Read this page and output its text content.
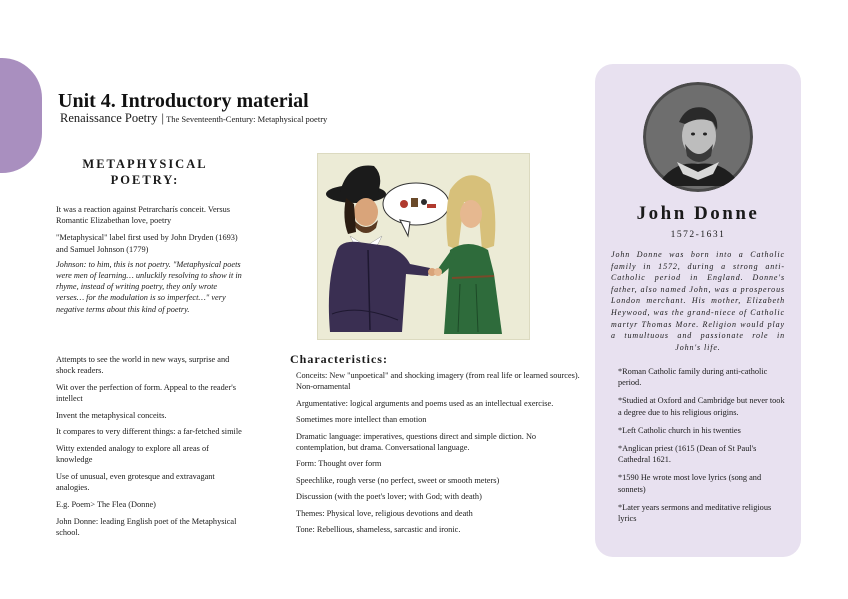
Unit 4. Introductory material
Renaissance Poetry | The Seventeenth-Century: Metaphysical poetry
METAPHYSICAL
POETRY:

It was a reaction against Petrarcharís conceit. Versus Romantic Elizabethan love, poetry

"Metaphysical" label first used by John Dryden (1693) and Samuel Johnson (1779)

Johnson: to him, this is not poetry. "Metaphysical poets were men of learning… unluckily resolving to show it in rhyme, instead of writing poetry, they only wrote verses… for the modulation is so imperfect…" very negative terms about this kind of poetry.

Attempts to see the world in new ways, surprise and shock readers.

Wit over the perfection of form. Appeal to the reader's intellect

Invent the metaphysical conceits.

It compares to very different things: a far-fetched simile

Witty extended analogy to explore all areas of knowledge

Use of unusual, even grotesque and extravagant analogies.

E.g. Poem> The Flea (Donne)

John Donne: leading English poet of the Metaphysical school.

Characteristics:

Conceits: New "unpoetical" and shocking imagery (from real life or learned sources). Non-ornamental

Argumentative: logical arguments and poems used as an intellectual exercise.

Sometimes more intellect than emotion

Dramatic language: imperatives, questions direct and simple diction. No contemplation, but drama. Conversational language.

Form: Thought over form

Speechlike, rough verse (no perfect, sweet or smooth meters)

Discussion (with the poet's lover; with God; with death)

Themes: Physical love, religious devotions and death

Tone: Rebellious, shameless, sarcastic and ironic.

John Donne
1572-1631

John Donne was born into a Catholic family in 1572, during a strong anti-Catholic period in England. Donne's father, also named John, was a prosperous London merchant. His mother, Elizabeth Heywood, was the grand-niece of Catholic martyr Thomas More. Religion would play a tumultuous and passionate role in John's life.

*Roman Catholic family during anti-catholic period.

*Studied at Oxford and Cambridge but never took a degree due to his religious origins.

*Left Catholic church in his twenties

*Anglican priest (1615 (Dean of St Paul's Cathedral 1621.

*1590 He wrote most love lyrics (song and sonnets)

*Later years sermons and meditative religious lyrics
